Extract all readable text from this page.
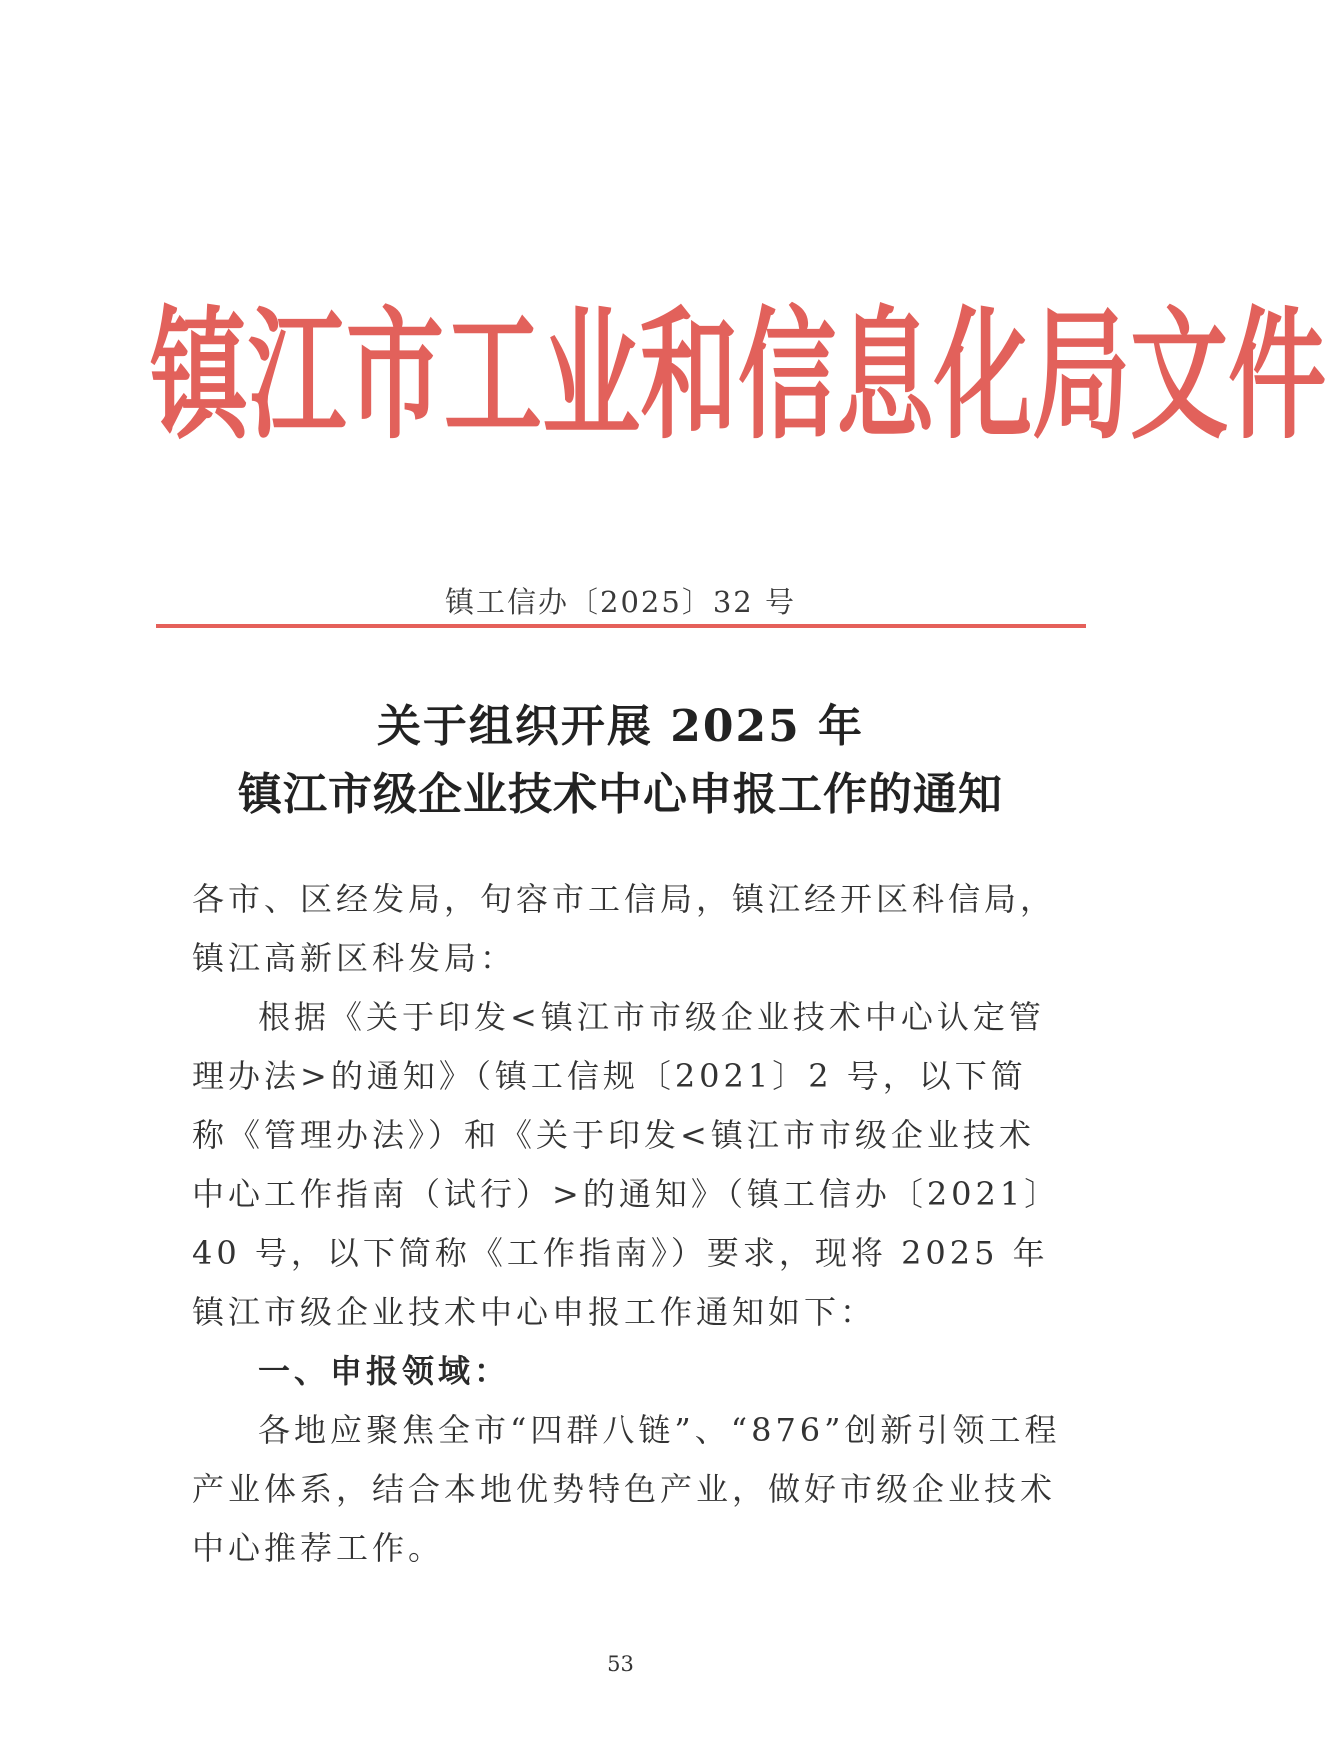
镇 江 市 工 业 和 信 息 化 局 文 件
镇工信办〔2025〕32 号
关于组织开展 2025 年
镇江市级企业技术中心申报工作的通知

各市、区经发局，句容市工信局，镇江经开区科信局，镇江高新区科发局：

根据《关于印发<镇江市市级企业技术中心认定管理办法>的通知》（镇工信规〔2021〕2 号，以下简称《管理办法》）和《关于印发<镇江市市级企业技术中心工作指南（试行）>的通知》（镇工信办〔2021〕40 号，以下简称《工作指南》）要求，现将 2025 年镇江市级企业技术中心申报工作通知如下：

一、申报领域：

各地应聚焦全市“四群八链”、“876”创新引领工程产业体系，结合本地优势特色产业，做好市级企业技术中心推荐工作。

53
